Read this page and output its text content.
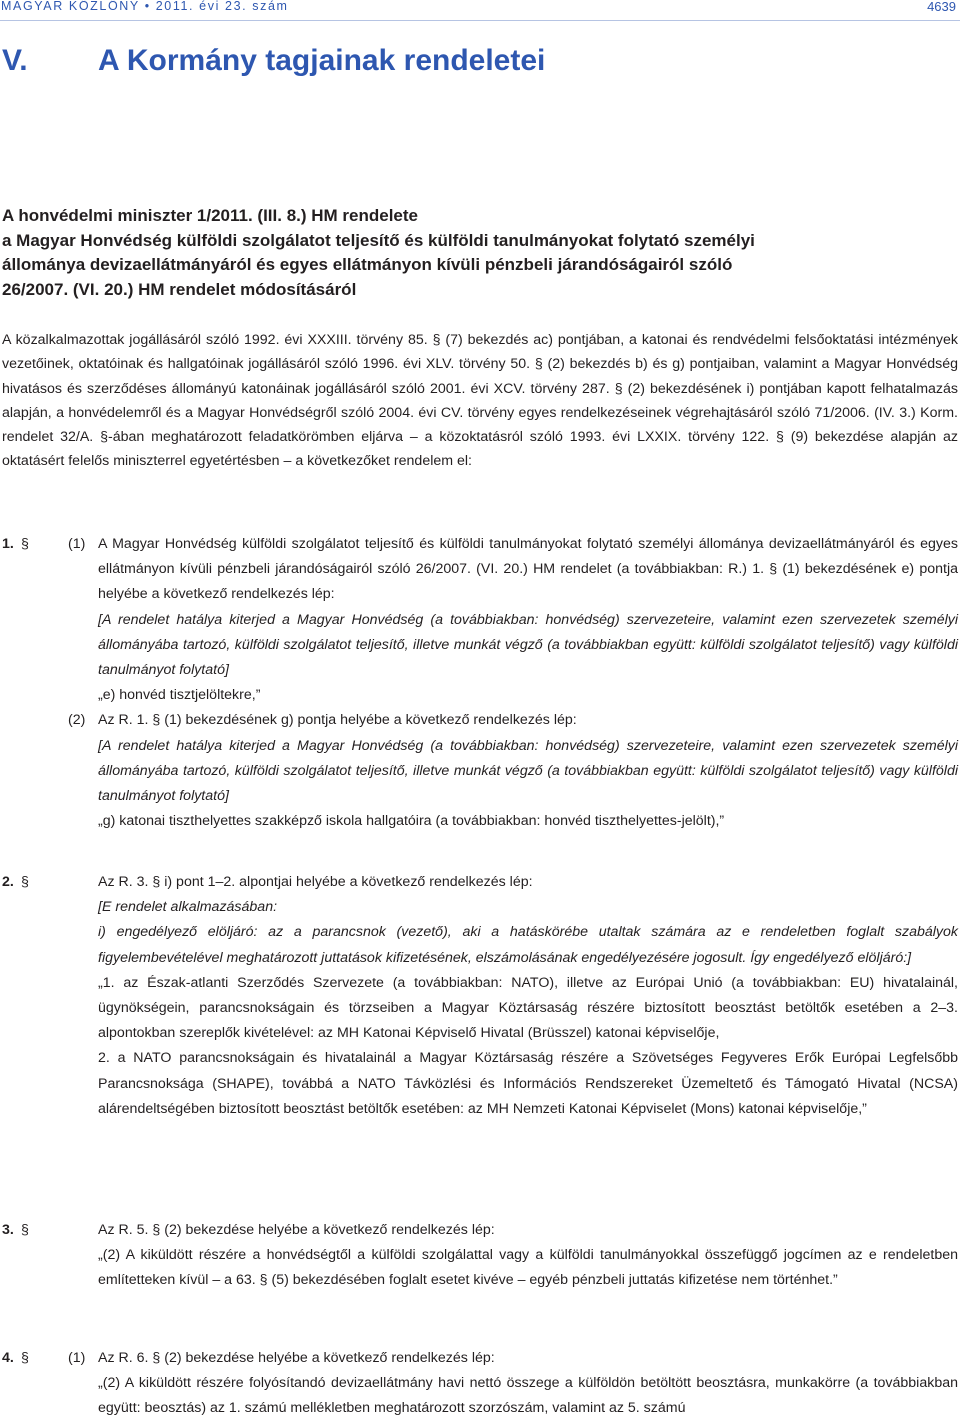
MAGYAR KÖZLÖNY • 2011. évi 23. szám	4639
V. A Kormány tagjainak rendeletei
A honvédelmi miniszter 1/2011. (III. 8.) HM rendelete
a Magyar Honvédség külföldi szolgálatot teljesítő és külföldi tanulmányokat folytató személyi
állománya devizaellátmányáról és egyes ellátmányon kívüli pénzbeli járandóságairól szóló
26/2007. (VI. 20.) HM rendelet módosításáról

A közalkalmazottak jogállásáról szóló 1992. évi XXXIII. törvény 85. § (7) bekezdés ac) pontjában, a katonai és rendvédelmi felsőoktatási intézmények vezetőinek, oktatóinak és hallgatóinak jogállásáról szóló 1996. évi XLV. törvény 50. § (2) bekezdés b) és g) pontjaiban, valamint a Magyar Honvédség hivatásos és szerződéses állományú katonáinak jogállásáról szóló 2001. évi XCV. törvény 287. § (2) bekezdésének i) pontjában kapott felhatalmazás alapján, a honvédelemről és a Magyar Honvédségről szóló 2004. évi CV. törvény egyes rendelkezéseinek végrehajtásáról szóló 71/2006. (IV. 3.) Korm. rendelet 32/A. §-ában meghatározott feladatkörömben eljárva – a közoktatásról szóló 1993. évi LXXIX. törvény 122. § (9) bekezdése alapján az oktatásért felelős miniszterrel egyetértésben – a következőket rendelem el:

1. §	(1) A Magyar Honvédség külföldi szolgálatot teljesítő és külföldi tanulmányokat folytató személyi állománya devizaellátmányáról és egyes ellátmányon kívüli pénzbeli járandóságairól szóló 26/2007. (VI. 20.) HM rendelet (a továbbiakban: R.) 1. § (1) bekezdésének e) pontja helyébe a következő rendelkezés lép:

[A rendelet hatálya kiterjed a Magyar Honvédség (a továbbiakban: honvédség) szervezeteire, valamint ezen szervezetek személyi állományába tartozó, külföldi szolgálatot teljesítő, illetve munkát végző (a továbbiakban együtt: külföldi szolgálatot teljesítő) vagy külföldi tanulmányot folytató]

„e) honvéd tisztjelöltekre,”

(2) Az R. 1. § (1) bekezdésének g) pontja helyébe a következő rendelkezés lép:

[A rendelet hatálya kiterjed a Magyar Honvédség (a továbbiakban: honvédség) szervezeteire, valamint ezen szervezetek személyi állományába tartozó, külföldi szolgálatot teljesítő, illetve munkát végző (a továbbiakban együtt: külföldi szolgálatot teljesítő) vagy külföldi tanulmányot folytató]

„g) katonai tiszthelyettes szakképző iskola hallgatóira (a továbbiakban: honvéd tiszthelyettes-jelölt),”

2. §	Az R. 3. § i) pont 1–2. alpontjai helyébe a következő rendelkezés lép:

[E rendelet alkalmazásában:

i) engedélyező elöljáró: az a parancsnok (vezető), aki a hatáskörébe utaltak számára az e rendeletben foglalt szabályok figyelembevételével meghatározott juttatások kifizetésének, elszámolásának engedélyezésére jogosult. Így engedélyező elöljáró:]

„1. az Észak-atlanti Szerződés Szervezete (a továbbiakban: NATO), illetve az Európai Unió (a továbbiakban: EU) hivatalainál, ügynökségein, parancsnokságain és törzseiben a Magyar Köztársaság részére biztosított beosztást betöltők esetében a 2–3. alpontokban szereplők kivételével: az MH Katonai Képviselő Hivatal (Brüsszel) katonai képviselője,

2. a NATO parancsnokságain és hivatalainál a Magyar Köztársaság részére a Szövetséges Fegyveres Erők Európai Legfelsőbb Parancsnoksága (SHAPE), továbbá a NATO Távközlési és Információs Rendszereket Üzemeltető és Támogató Hivatal (NCSA) alárendeltségében biztosított beosztást betöltők esetében: az MH Nemzeti Katonai Képviselet (Mons) katonai képviselője,”

3. §	Az R. 5. § (2) bekezdése helyébe a következő rendelkezés lép:

„(2) A kiküldött részére a honvédségtől a külföldi szolgálattal vagy a külföldi tanulmányokkal összefüggő jogcímen az e rendeletben említetteken kívül – a 63. § (5) bekezdésében foglalt esetet kivéve – egyéb pénzbeli juttatás kifizetése nem történhet.”

4. §	(1) Az R. 6. § (2) bekezdése helyébe a következő rendelkezés lép:

„(2) A kiküldött részére folyósítandó devizaellátmány havi nettó összege a külföldön betöltött beosztásra, munkakörre (a továbbiakban együtt: beosztás) az 1. számú mellékletben meghatározott szorzószám, valamint az 5. számú
